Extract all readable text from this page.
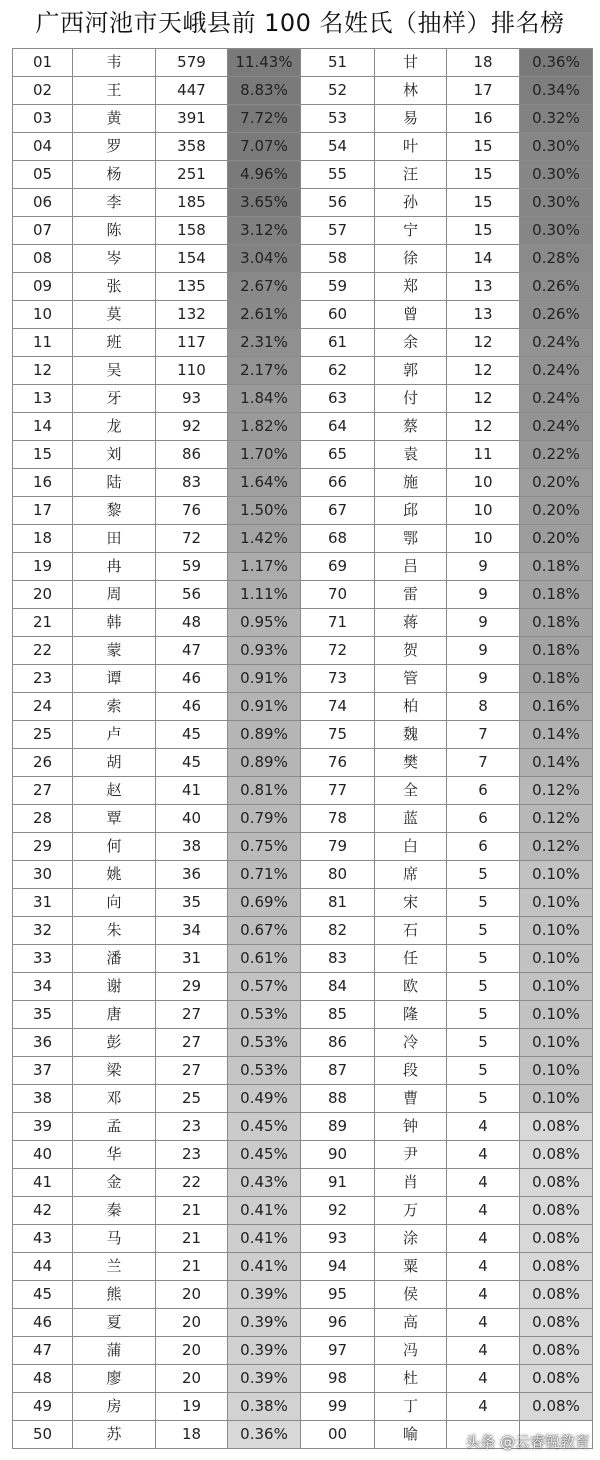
广西河池市天峨县前 100 名姓氏（抽样）排名榜
01	韦	579	11.43%	51	甘	18	0.36%
02	王	447	8.83%	52	林	17	0.34%
03	黄	391	7.72%	53	易	16	0.32%
04	罗	358	7.07%	54	叶	15	0.30%
05	杨	251	4.96%	55	汪	15	0.30%
06	李	185	3.65%	56	孙	15	0.30%
07	陈	158	3.12%	57	宁	15	0.30%
08	岑	154	3.04%	58	徐	14	0.28%
09	张	135	2.67%	59	郑	13	0.26%
10	莫	132	2.61%	60	曾	13	0.26%
11	班	117	2.31%	61	余	12	0.24%
12	吴	110	2.17%	62	郭	12	0.24%
13	牙	93	1.84%	63	付	12	0.24%
14	龙	92	1.82%	64	蔡	12	0.24%
15	刘	86	1.70%	65	袁	11	0.22%
16	陆	83	1.64%	66	施	10	0.20%
17	黎	76	1.50%	67	邱	10	0.20%
18	田	72	1.42%	68	鄂	10	0.20%
19	冉	59	1.17%	69	吕	9	0.18%
20	周	56	1.11%	70	雷	9	0.18%
21	韩	48	0.95%	71	蒋	9	0.18%
22	蒙	47	0.93%	72	贺	9	0.18%
23	谭	46	0.91%	73	管	9	0.18%
24	索	46	0.91%	74	柏	8	0.16%
25	卢	45	0.89%	75	魏	7	0.14%
26	胡	45	0.89%	76	樊	7	0.14%
27	赵	41	0.81%	77	全	6	0.12%
28	覃	40	0.79%	78	蓝	6	0.12%
29	何	38	0.75%	79	白	6	0.12%
30	姚	36	0.71%	80	席	5	0.10%
31	向	35	0.69%	81	宋	5	0.10%
32	朱	34	0.67%	82	石	5	0.10%
33	潘	31	0.61%	83	任	5	0.10%
34	谢	29	0.57%	84	欧	5	0.10%
35	唐	27	0.53%	85	隆	5	0.10%
36	彭	27	0.53%	86	冷	5	0.10%
37	梁	27	0.53%	87	段	5	0.10%
38	邓	25	0.49%	88	曹	5	0.10%
39	孟	23	0.45%	89	钟	4	0.08%
40	华	23	0.45%	90	尹	4	0.08%
41	金	22	0.43%	91	肖	4	0.08%
42	秦	21	0.41%	92	万	4	0.08%
43	马	21	0.41%	93	涂	4	0.08%
44	兰	21	0.41%	94	粟	4	0.08%
45	熊	20	0.39%	95	侯	4	0.08%
46	夏	20	0.39%	96	高	4	0.08%
47	蒲	20	0.39%	97	冯	4	0.08%
48	廖	20	0.39%	98	杜	4	0.08%
49	房	19	0.38%	99	丁	4	0.08%
50	苏	18	0.36%	00	喻			头条 @云睿锐教育
